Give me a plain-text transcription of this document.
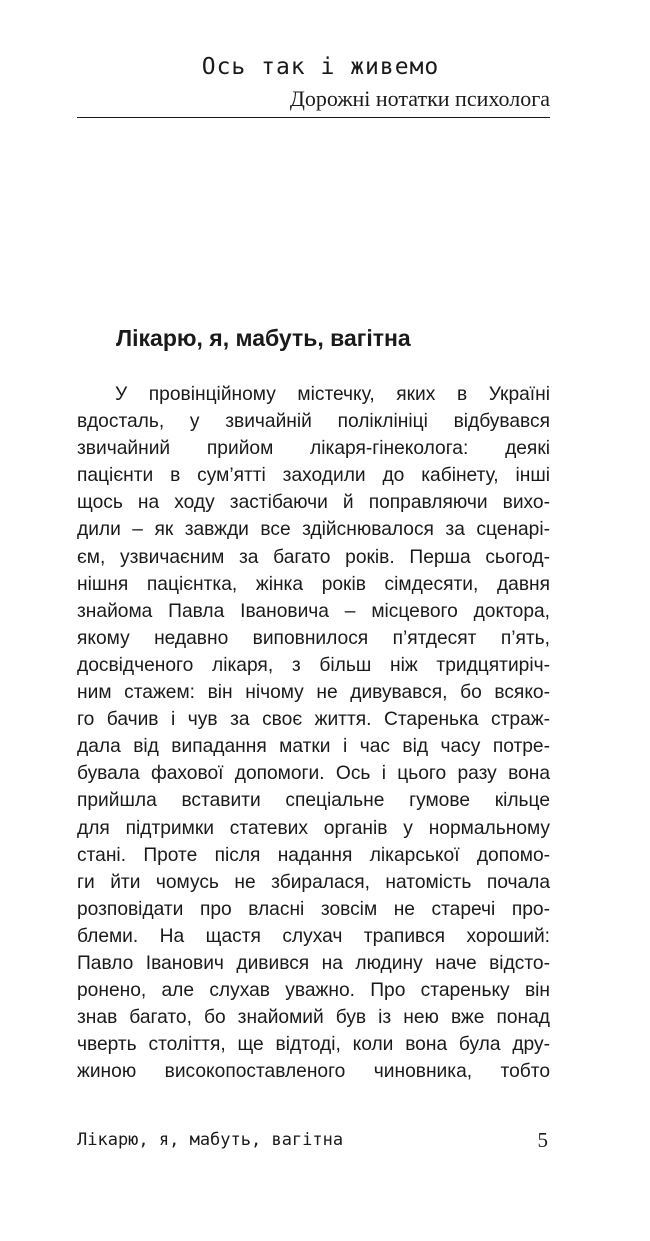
Ось так і живемо

Дорожні нотатки психолога

Лікарю, я, мабуть, вагітна
У провінційному містечку, яких в Україні
вдосталь, у звичайній поліклініці відбувався
звичайний прийом лікаря-гінеколога: деякі
пацієнти в сум’ятті заходили до кабінету, інші
щось на ходу застібаючи й поправляючи вихо-
дили – як завжди все здійснювалося за сценарі-
єм, узвичаєним за багато років. Перша сьогод-
нішня пацієнтка, жінка років сімдесяти, давня
знайома Павла Івановича – місцевого доктора,
якому недавно виповнилося п’ятдесят п’ять,
досвідченого лікаря, з більш ніж тридцятиріч-
ним стажем: він нічому не дивувався, бо всяко-
го бачив і чув за своє життя. Старенька страж-
дала від випадання матки і час від часу потре-
бувала фахової допомоги. Ось і цього разу вона
прийшла вставити спеціальне гумове кільце
для підтримки статевих органів у нормальному
стані. Проте після надання лікарської допомо-
ги йти чомусь не збиралася, натомість почала
розповідати про власні зовсім не старечі про-
блеми. На щастя слухач трапився хороший:
Павло Іванович дивився на людину наче відсто-
ронено, але слухав уважно. Про стареньку він
знав багато, бо знайомий був із нею вже понад
чверть століття, ще відтоді, коли вона була дру-
жиною високопоставленого чиновника, тобто
Лікарю, я, мабуть, вагітна	5
